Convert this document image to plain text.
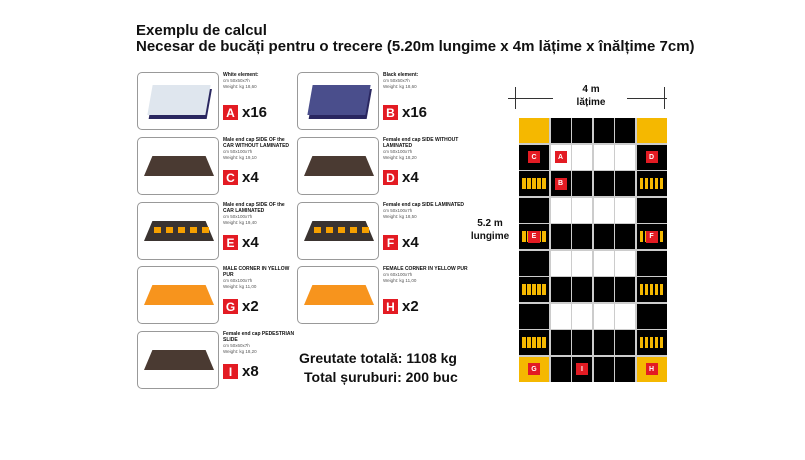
Exemplu de calcul
Necesar de bucăți pentru o trecere (5.20m lungime x 4m lățime x înălțime 7cm)
White element:
cm 50x50x7h
Weight: kg 18,60
A x16
Black element:
cm 50x50x7h
Weight: kg 18,60
B x16
Male end cap SIDE OF the CAR WITHOUT LAMINATED
cm 50x100x7h
Weight: kg 19,10
C x4
Female end cap SIDE WITHOUT LAMINATED
cm 50x100x7h
Weight: kg 18,20
D x4
Male end cap SIDE OF the CAR LAMINATED
cm 50x100x7h
Weight: kg 19,40
E x4
Female end cap SIDE LAMINATED
cm 50x100x7h
Weight: kg 18,50
F x4
MALE CORNER IN YELLOW PUR
cm 60x100x7h
Weight: kg 11,00
G x2
FEMALE CORNER IN YELLOW PUR
cm 60x100x7h
Weight: kg 11,00
H x2
Female end cap PEDESTRIAN SLIDE
cm 50x60x7h
Weight: kg 18,20
I x8
Greutate totală: 1108 kg
Total șuruburi: 200 buc
4 m
lățime
5.2 m
lungime
C	A	D
B
E	F
G	I	H
